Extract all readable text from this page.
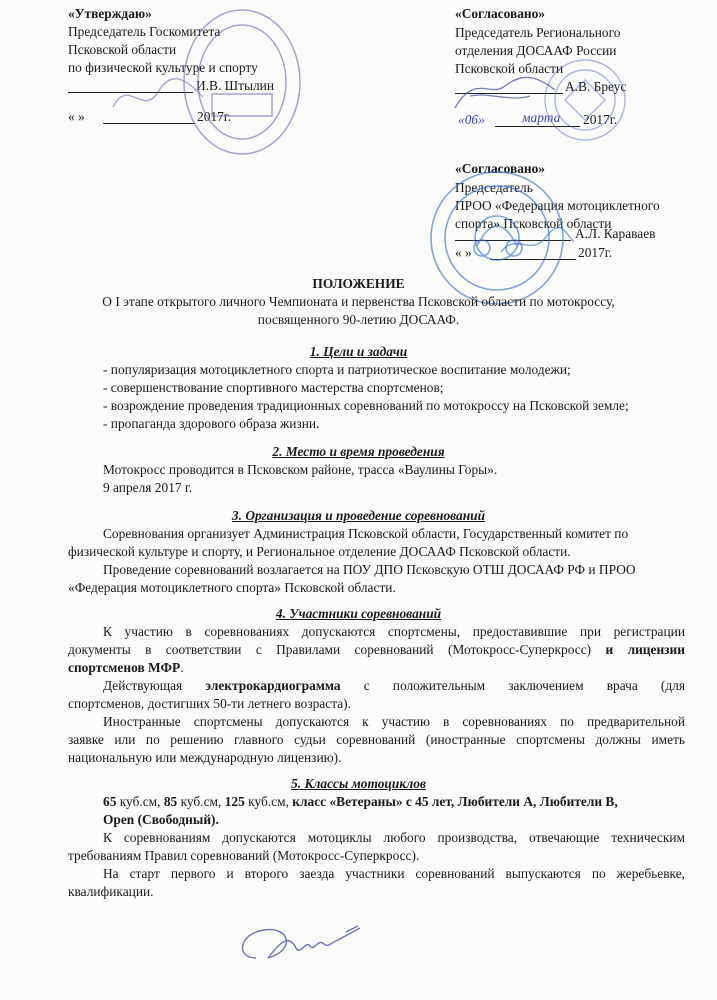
«Утверждаю»
Председатель Госкомитета
Псковской области
по физической культуре и спорту
И.В. Штылин
« »	2017г.
«Согласовано»
Председатель Регионального
отделения ДОСААФ России
Псковской области
А.В. Бреус
«06»	марта 2017г.
«Согласовано»
Председатель
ПРОО «Федерация мотоциклетного
спорта» Псковской области
А.Л. Караваев
« »	2017г.
ПОЛОЖЕНИЕ
О I этапе открытого личного Чемпионата и первенства Псковской области по мотокроссу,
посвященного 90-летию ДОСААФ.
1. Цели и задачи
- популяризация мотоциклетного спорта и патриотическое воспитание молодежи;
- совершенствование спортивного мастерства спортсменов;
- возрождение проведения традиционных соревнований по мотокроссу на Псковской земле;
- пропаганда здорового образа жизни.
2. Место и время проведения
Мотокросс проводится в Псковском районе, трасса «Ваулины Горы».
9 апреля 2017 г.
3. Организация и проведение соревнований
Соревнования организует Администрация Псковской области, Государственный комитет по
физической культуре и спорту, и Региональное отделение ДОСААФ Псковской области.
Проведение соревнований возлагается на ПОУ ДПО Псковскую ОТШ ДОСААФ РФ и ПРОО
«Федерация мотоциклетного спорта» Псковской области.
4. Участники соревнований
К участию в соревнованиях допускаются спортсмены, предоставившие при регистрации
документы в соответствии с Правилами соревнований (Мотокросс-Суперкросс) и лицензии
спортсменов МФР.
Действующая электрокардиограмма с положительным заключением врача (для
спортсменов, достигших 50-ти летнего возраста).
Иностранные спортсмены допускаются к участию в соревнованиях по предварительной
заявке или по решению главного судьи соревнований (иностранные спортсмены должны иметь
национальную или международную лицензию).
5. Классы мотоциклов
65 куб.см, 85 куб.см, 125 куб.см, класс «Ветераны» с 45 лет, Любители А, Любители В,
Open (Свободный).
К соревнованиям допускаются мотоциклы любого производства, отвечающие техническим
требованиям Правил соревнований (Мотокросс-Суперкросс).
На старт первого и второго заезда участники соревнований выпускаются по жеребьевке,
квалификации.
